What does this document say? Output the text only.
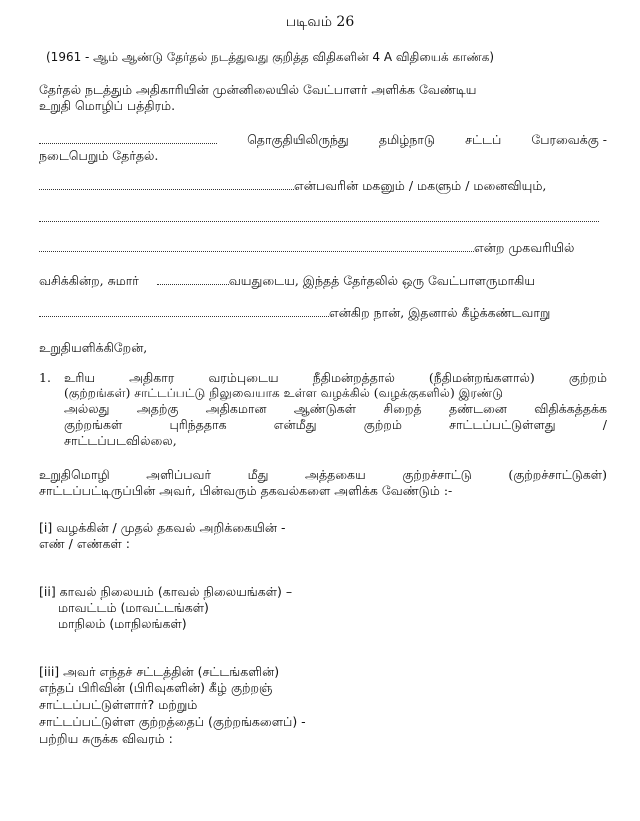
படிவம் 26
(1961 - ஆம் ஆண்டு தேர்தல் நடத்துவது குறித்த விதிகளின் 4 A விதியைக் காண்க)
தேர்தல் நடத்தும் அதிகாரியின் முன்னிலையில் வேட்பாளர் அளிக்க வேண்டிய
உறுதி மொழிப் பத்திரம்.
தொகுதியிலிருந்து தமிழ்நாடு சட்டப் பேரவைக்கு -
நடைபெறும் தேர்தல்.
என்பவரின் மகனும் / மகளும் / மனைவியும்,
என்ற முகவரியில்
வசிக்கின்ற, சுமார்	வயதுடைய, இந்தத் தேர்தலில் ஒரு வேட்பாளருமாகிய
என்கிற நான், இதனால் கீழ்க்கண்டவாறு
உறுதியளிக்கிறேன்,
1. உரிய	அதிகார	வரம்புடைய	நீதிமன்றத்தால்	(நீதிமன்றங்களால்)	குற்றம்
(குற்றங்கள்) சாட்டப்பட்டு நிலுவையாக உள்ள வழக்கில் (வழக்குகளில்) இரண்டு
அல்லது அதற்கு அதிகமான ஆண்டுகள் சிறைத் தண்டனை விதிக்கத்தக்க
குற்றங்கள்	புரிந்ததாக	என்மீது	குற்றம்	சாட்டப்பட்டுள்ளது	/
சாட்டப்படவில்லை,
உறுதிமொழி	அளிப்பவர்	மீது	அத்தகைய	குற்றச்சாட்டு	(குற்றச்சாட்டுகள்)
சாட்டப்பட்டிருப்பின் அவர், பின்வரும் தகவல்களை அளிக்க வேண்டும் :-
[i] வழக்கின் / முதல் தகவல் அறிக்கையின் -
எண் / எண்கள் :
[ii] காவல் நிலையம் (காவல் நிலையங்கள்) –
மாவட்டம் (மாவட்டங்கள்)
மாநிலம் (மாநிலங்கள்)
[iii] அவர் எந்தச் சட்டத்தின் (சட்டங்களின்)
எந்தப் பிரிவின் (பிரிவுகளின்) கீழ் குற்றஞ்
சாட்டப்பட்டுள்ளார்? மற்றும்
சாட்டப்பட்டுள்ள குற்றத்தைப் (குற்றங்களைப்) -
பற்றிய சுருக்க விவரம் :
